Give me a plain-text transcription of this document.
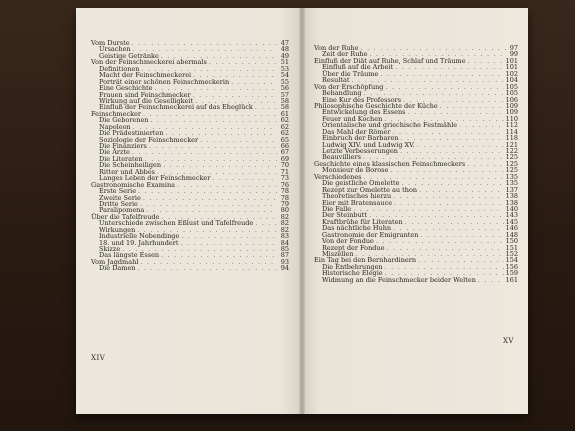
Vom Durste . . .	47
Ursachen . . .	48
Geistige Getränke . . .	49
Von der Feinschmeckerei abermals . . .	51
Definitionen . . .	53
Macht der Feinschmeckerei . . .	54
Porträt einer schönen Feinschmeckerin . . .	55
Eine Geschichte . . .	56
Frauen sind Feinschmecker . . .	57
Wirkung auf die Geselligkeit . . .	58
Einfluß der Feinschmeckerei auf das Eheglück . . .	58
Feinschmecker . . .	61
Die Geborenen . . .	62
Napoleon . . .	62
Die Prädestinierten . . .	62
Soziologie der Feinschmecker . . .	65
Die Finanziers . . .	66
Die Ärzte . . .	67
Die Literaten . . .	69
Die Scheinheiligen . . .	70
Ritter und Abbés . . .	71
Langes Leben der Feinschmecker . . .	73
Gastronomische Examina . . .	76
Erste Serie . . .	78
Zweite Serie . . .	78
Dritte Serie . . .	79
Paralipomena . . .	80
Über die Tafelfreude . . .	82
Unterschiede zwischen Eßlust und Tafelfreude . . .	82
Wirkungen . . .	82
Industrielle Nebendinge . . .	83
18. und 19. Jahrhundert . . .	84
Skizze . . .	85
Das längste Essen . . .	87
Vom Jagdmahl . . .	93
Die Damen . . .	94
XIV
Von der Ruhe . . .	97
Zeit der Ruhe . . .	99
Einfluß der Diät auf Ruhe, Schlaf und Träume . . .	101
Einfluß auf die Arbeit . . .	101
Über die Träume . . .	102
Resultat . . .	104
Von der Erschöpfung . . .	105
Behandlung . . .	105
Eine Kur des Professors . . .	106
Philosophische Geschichte der Küche . . .	109
Entwickelung des Essens . . .	109
Feuer und Kochen . . .	110
Orientalische und griechische Festmähle . . .	112
Das Mahl der Römer . . .	114
Einbruch der Barbaren . . .	118
Ludwig XIV. und Ludwig XV. . . .	121
Letzte Verbesserungen . . .	122
Beauvilliers . . .	125
Geschichte eines klassischen Feinschmeckers . . .	125
Monsieur de Borose . . .	125
Verschiedenes . . .	135
Die geistliche Omelette . . .	135
Rezept zur Omelette au thon . . .	137
Theoretisches hierzu . . .	138
Eier mit Bratensauce . . .	138
Die Falle . . .	140
Der Steinbutt . . .	143
Kraftbrühe für Literaten . . .	145
Das nächtliche Huhn . . .	146
Gastronomie der Emigranten . . .	148
Von der Fondue . . .	150
Rezept der Fondue . . .	151
Miszellen . . .	152
Ein Tag bei den Bernhardinern . . .	154
Die Entbehrungen . . .	156
Historische Elegie . . .	159
Widmung an die Feinschmecker beider Welten . . .	161
XV
